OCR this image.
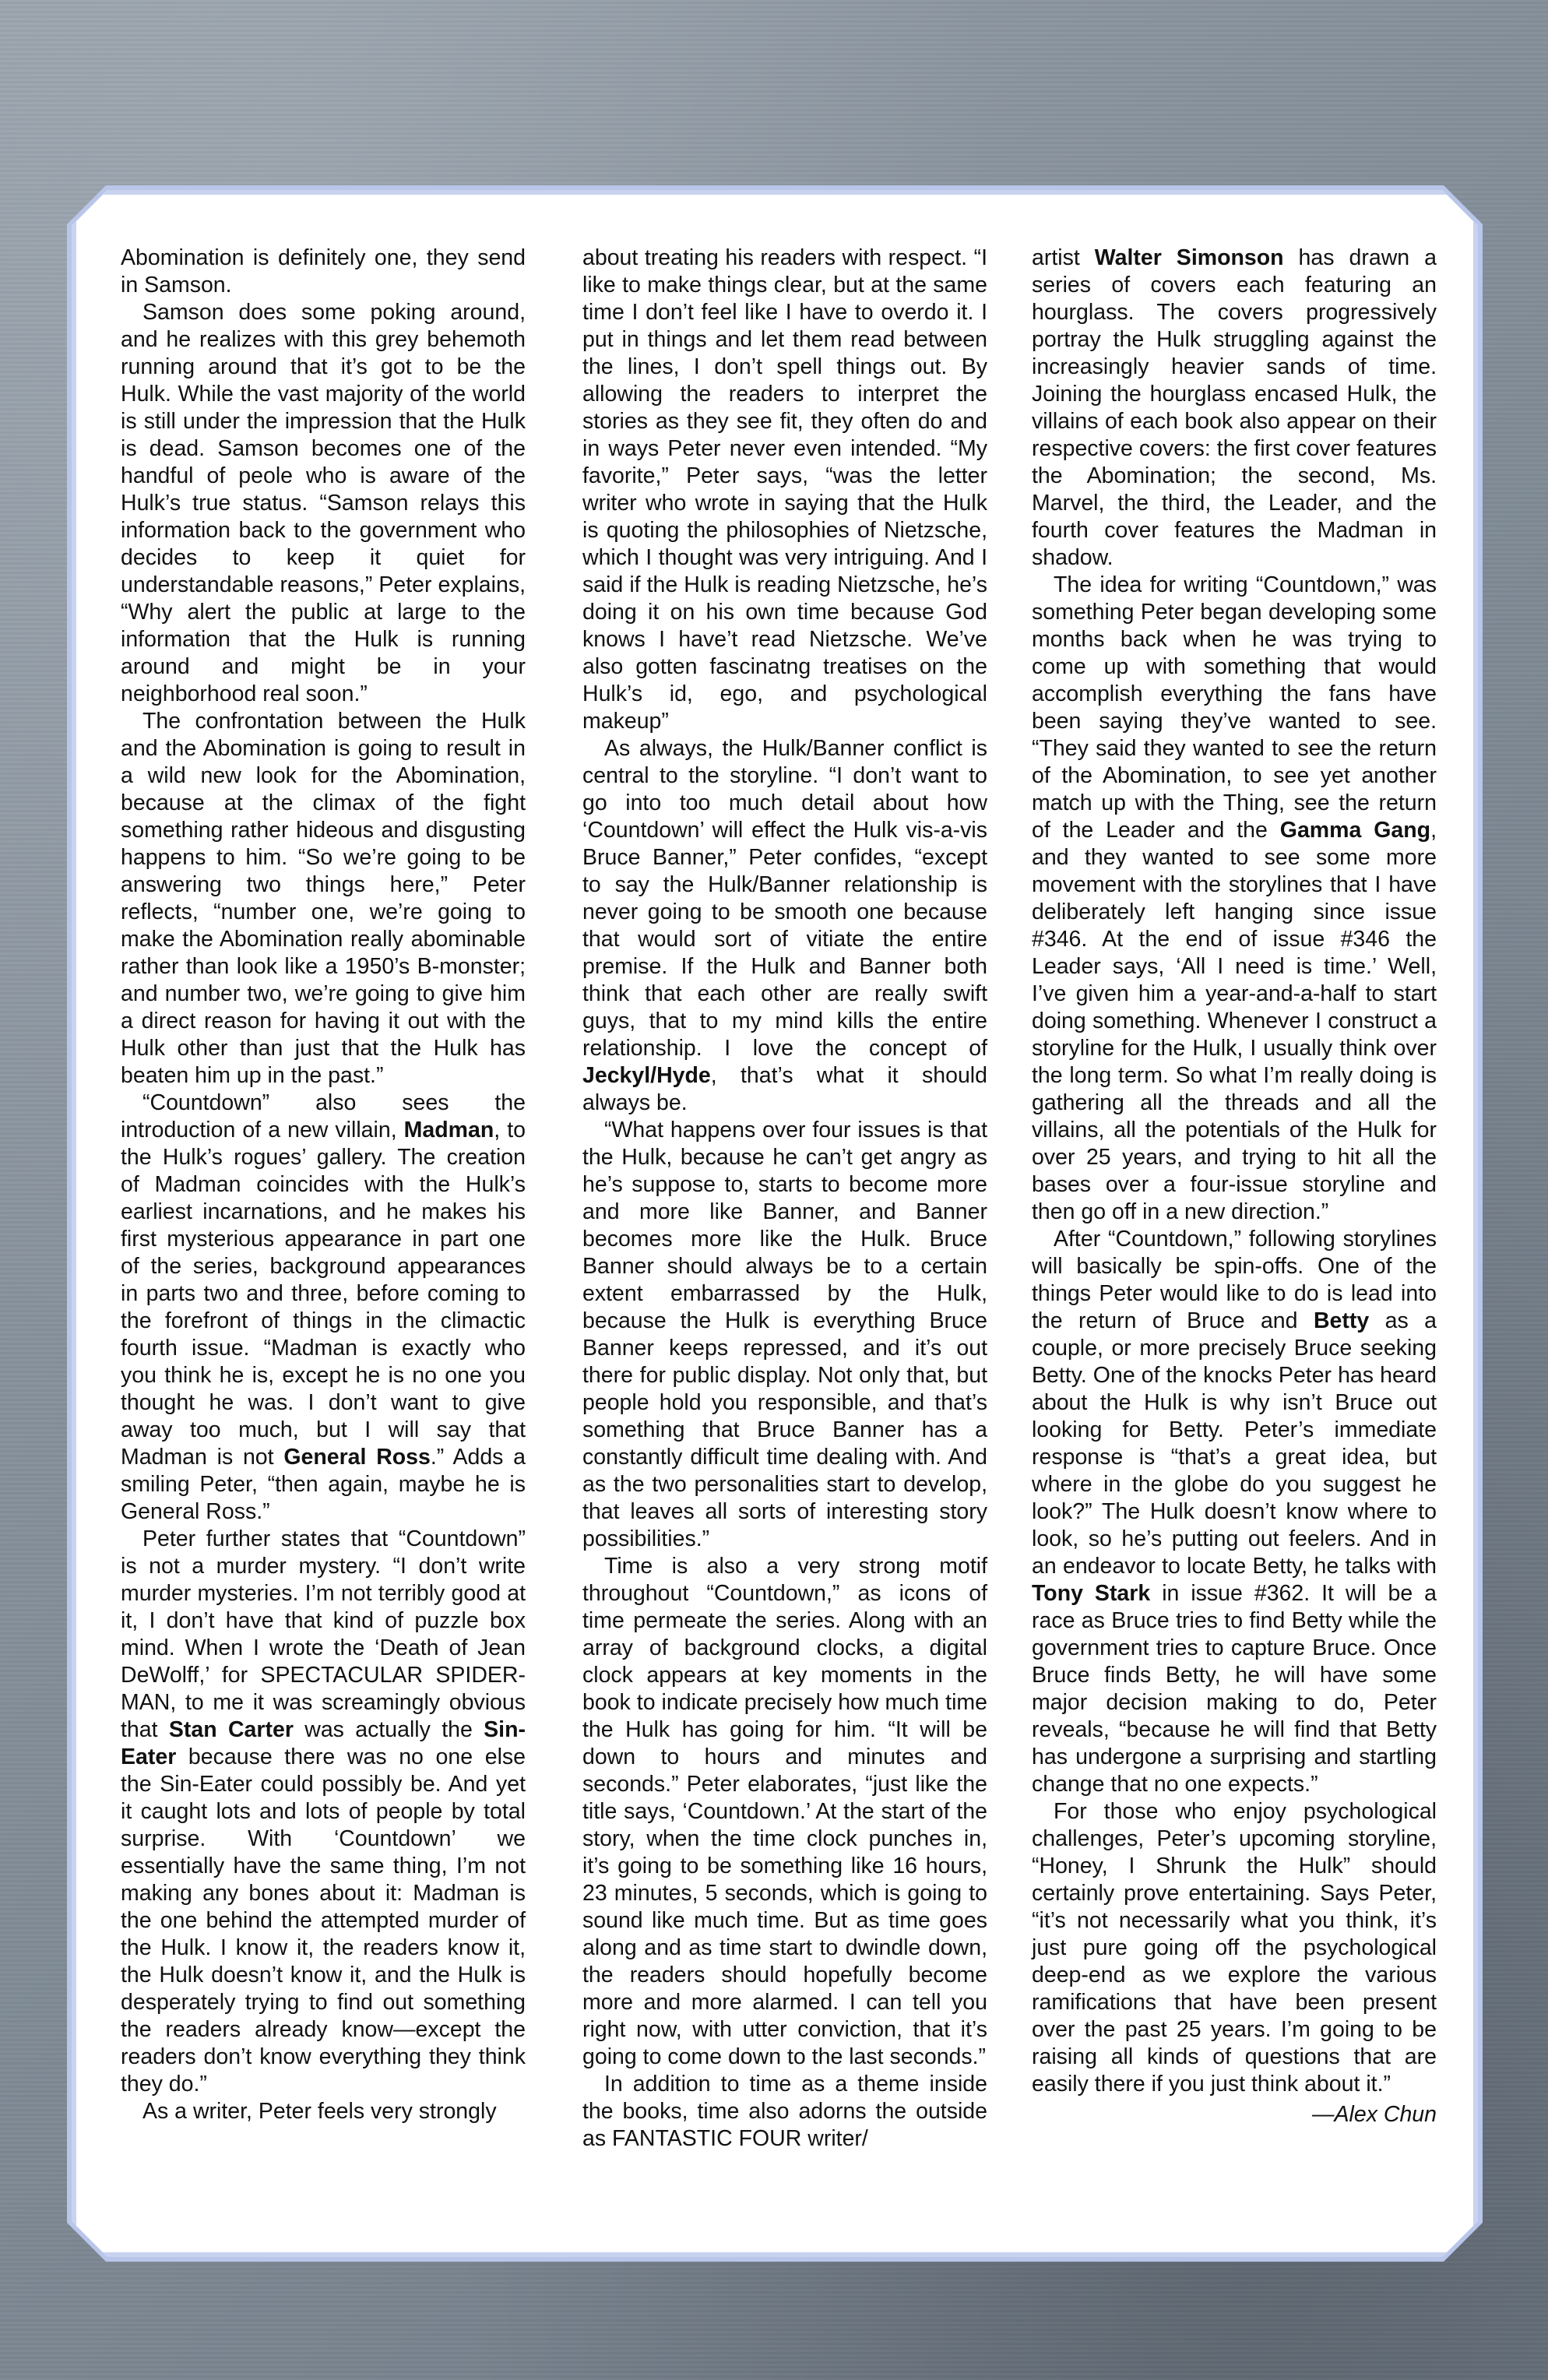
Abomination is definitely one, they send in Samson.

Samson does some poking around, and he realizes with this grey behemoth running around that it’s got to be the Hulk. While the vast majority of the world is still under the impression that the Hulk is dead. Samson becomes one of the handful of peole who is aware of the Hulk’s true status. “Samson relays this information back to the government who decides to keep it quiet for understandable reasons,” Peter explains, “Why alert the public at large to the information that the Hulk is running around and might be in your neighborhood real soon.”

The confrontation between the Hulk and the Abomination is going to result in a wild new look for the Abomination, because at the climax of the fight something rather hideous and disgusting happens to him. “So we’re going to be answering two things here,” Peter reflects, “number one, we’re going to make the Abomination really abominable rather than look like a 1950’s B-monster; and number two, we’re going to give him a direct reason for having it out with the Hulk other than just that the Hulk has beaten him up in the past.”

“Countdown” also sees the introduction of a new villain, Madman, to the Hulk’s rogues’ gallery. The creation of Madman coincides with the Hulk’s earliest incarnations, and he makes his first mysterious appearance in part one of the series, background appearances in parts two and three, before coming to the forefront of things in the climactic fourth issue. “Madman is exactly who you think he is, except he is no one you thought he was. I don’t want to give away too much, but I will say that Madman is not General Ross.” Adds a smiling Peter, “then again, maybe he is General Ross.”

Peter further states that “Countdown” is not a murder mystery. “I don’t write murder mysteries. I’m not terribly good at it, I don’t have that kind of puzzle box mind. When I wrote the ‘Death of Jean DeWolff,’ for SPECTACULAR SPIDER-MAN, to me it was screamingly obvious that Stan Carter was actually the Sin-Eater because there was no one else the Sin-Eater could possibly be. And yet it caught lots and lots of people by total surprise. With ‘Countdown’ we essentially have the same thing, I’m not making any bones about it: Madman is the one behind the attempted murder of the Hulk. I know it, the readers know it, the Hulk doesn’t know it, and the Hulk is desperately trying to find out something the readers already know—except the readers don’t know everything they think they do.”

As a writer, Peter feels very strongly

about treating his readers with respect. “I like to make things clear, but at the same time I don’t feel like I have to overdo it. I put in things and let them read between the lines, I don’t spell things out. By allowing the readers to interpret the stories as they see fit, they often do and in ways Peter never even intended. “My favorite,” Peter says, “was the letter writer who wrote in saying that the Hulk is quoting the philosophies of Nietzsche, which I thought was very intriguing. And I said if the Hulk is reading Nietzsche, he’s doing it on his own time because God knows I have’t read Nietzsche. We’ve also gotten fascinatng treatises on the Hulk’s id, ego, and psychological makeup”

As always, the Hulk/Banner conflict is central to the storyline. “I don’t want to go into too much detail about how ‘Countdown’ will effect the Hulk vis-a-vis Bruce Banner,” Peter confides, “except to say the Hulk/Banner relationship is never going to be smooth one because that would sort of vitiate the entire premise. If the Hulk and Banner both think that each other are really swift guys, that to my mind kills the entire relationship. I love the concept of Jeckyl/Hyde, that’s what it should always be.

“What happens over four issues is that the Hulk, because he can’t get angry as he’s suppose to, starts to become more and more like Banner, and Banner becomes more like the Hulk. Bruce Banner should always be to a certain extent embarrassed by the Hulk, because the Hulk is everything Bruce Banner keeps repressed, and it’s out there for public display. Not only that, but people hold you responsible, and that’s something that Bruce Banner has a constantly difficult time dealing with. And as the two personalities start to develop, that leaves all sorts of interesting story possibilities.”

Time is also a very strong motif throughout “Countdown,” as icons of time permeate the series. Along with an array of background clocks, a digital clock appears at key moments in the book to indicate precisely how much time the Hulk has going for him. “It will be down to hours and minutes and seconds.” Peter elaborates, “just like the title says, ‘Countdown.’ At the start of the story, when the time clock punches in, it’s going to be something like 16 hours, 23 minutes, 5 seconds, which is going to sound like much time. But as time goes along and as time start to dwindle down, the readers should hopefully become more and more alarmed. I can tell you right now, with utter conviction, that it’s going to come down to the last seconds.”

In addition to time as a theme inside the books, time also adorns the outside as FANTASTIC FOUR writer/

artist Walter Simonson has drawn a series of covers each featuring an hourglass. The covers progressively portray the Hulk struggling against the increasingly heavier sands of time. Joining the hourglass encased Hulk, the villains of each book also appear on their respective covers: the first cover features the Abomination; the second, Ms. Marvel, the third, the Leader, and the fourth cover features the Madman in shadow.

The idea for writing “Countdown,” was something Peter began developing some months back when he was trying to come up with something that would accomplish everything the fans have been saying they’ve wanted to see. “They said they wanted to see the return of the Abomination, to see yet another match up with the Thing, see the return of the Leader and the Gamma Gang, and they wanted to see some more movement with the storylines that I have deliberately left hanging since issue #346. At the end of issue #346 the Leader says, ‘All I need is time.’ Well, I’ve given him a year-and-a-half to start doing something. Whenever I construct a storyline for the Hulk, I usually think over the long term. So what I’m really doing is gathering all the threads and all the villains, all the potentials of the Hulk for over 25 years, and trying to hit all the bases over a four-issue storyline and then go off in a new direction.”

After “Countdown,” following storylines will basically be spin-offs. One of the things Peter would like to do is lead into the return of Bruce and Betty as a couple, or more precisely Bruce seeking Betty. One of the knocks Peter has heard about the Hulk is why isn’t Bruce out looking for Betty. Peter’s immediate response is “that’s a great idea, but where in the globe do you suggest he look?” The Hulk doesn’t know where to look, so he’s putting out feelers. And in an endeavor to locate Betty, he talks with Tony Stark in issue #362. It will be a race as Bruce tries to find Betty while the government tries to capture Bruce. Once Bruce finds Betty, he will have some major decision making to do, Peter reveals, “because he will find that Betty has undergone a surprising and startling change that no one expects.”

For those who enjoy psychological challenges, Peter’s upcoming storyline, “Honey, I Shrunk the Hulk” should certainly prove entertaining. Says Peter, “it’s not necessarily what you think, it’s just pure going off the psychological deep-end as we explore the various ramifications that have been present over the past 25 years. I’m going to be raising all kinds of questions that are easily there if you just think about it.”

—Alex Chun
